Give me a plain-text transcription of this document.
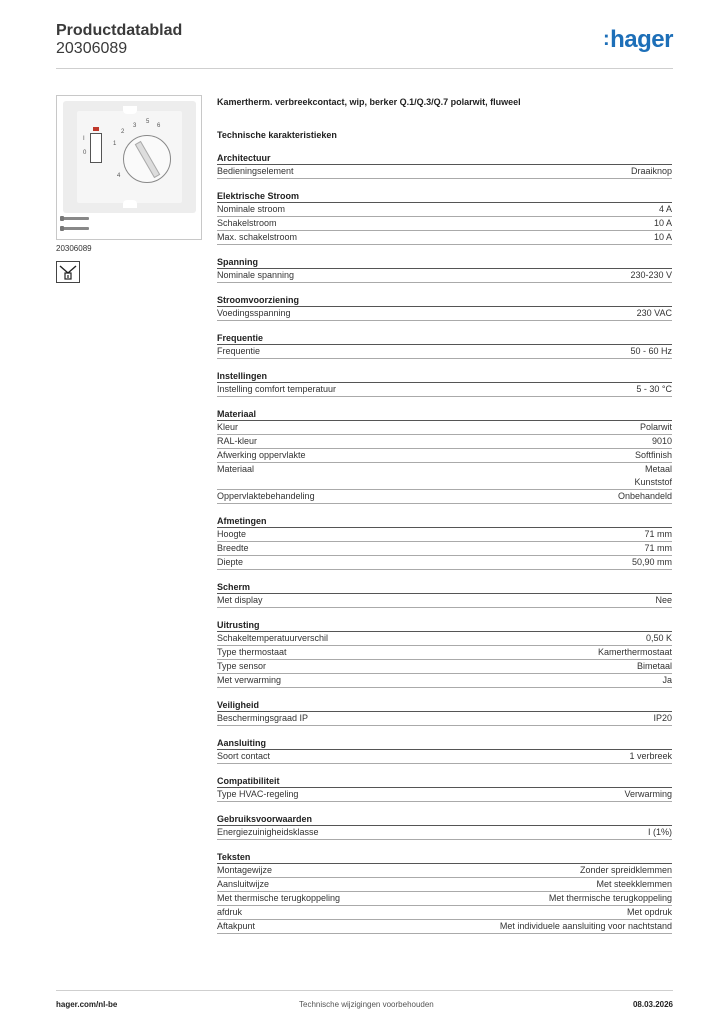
Productdatablad
20306089	:hager
I
0
2
3
5
6
1
4
20306089
Kamertherm. verbreekcontact, wip, berker Q.1/Q.3/Q.7 polarwit, fluweel
Technische karakteristieken
Architectuur
Bedieningselement	Draaiknop
Elektrische Stroom
Nominale stroom	4 A
Schakelstroom	10 A
Max. schakelstroom	10 A
Spanning
Nominale spanning	230-230 V
Stroomvoorziening
Voedingsspanning	230 VAC
Frequentie
Frequentie	50 - 60 Hz
Instellingen
Instelling comfort temperatuur	5 - 30 °C
Materiaal
Kleur	Polarwit
RAL-kleur	9010
Afwerking oppervlakte	Softfinish
Materiaal	Metaal
Kunststof
Oppervlaktebehandeling	Onbehandeld
Afmetingen
Hoogte	71 mm
Breedte	71 mm
Diepte	50,90 mm
Scherm
Met display	Nee
Uitrusting
Schakeltemperatuurverschil	0,50 K
Type thermostaat	Kamerthermostaat
Type sensor	Bimetaal
Met verwarming	Ja
Veiligheid
Beschermingsgraad IP	IP20
Aansluiting
Soort contact	1 verbreek
Compatibiliteit
Type HVAC-regeling	Verwarming
Gebruiksvoorwaarden
Energiezuinigheidsklasse	I (1%)
Teksten
Montagewijze	Zonder spreidklemmen
Aansluitwijze	Met steekklemmen
Met thermische terugkoppeling	Met thermische terugkoppeling
afdruk	Met opdruk
Aftakpunt	Met individuele aansluiting voor nachtstand
hager.com/nl-be	Technische wijzigingen voorbehouden	08.03.2026
